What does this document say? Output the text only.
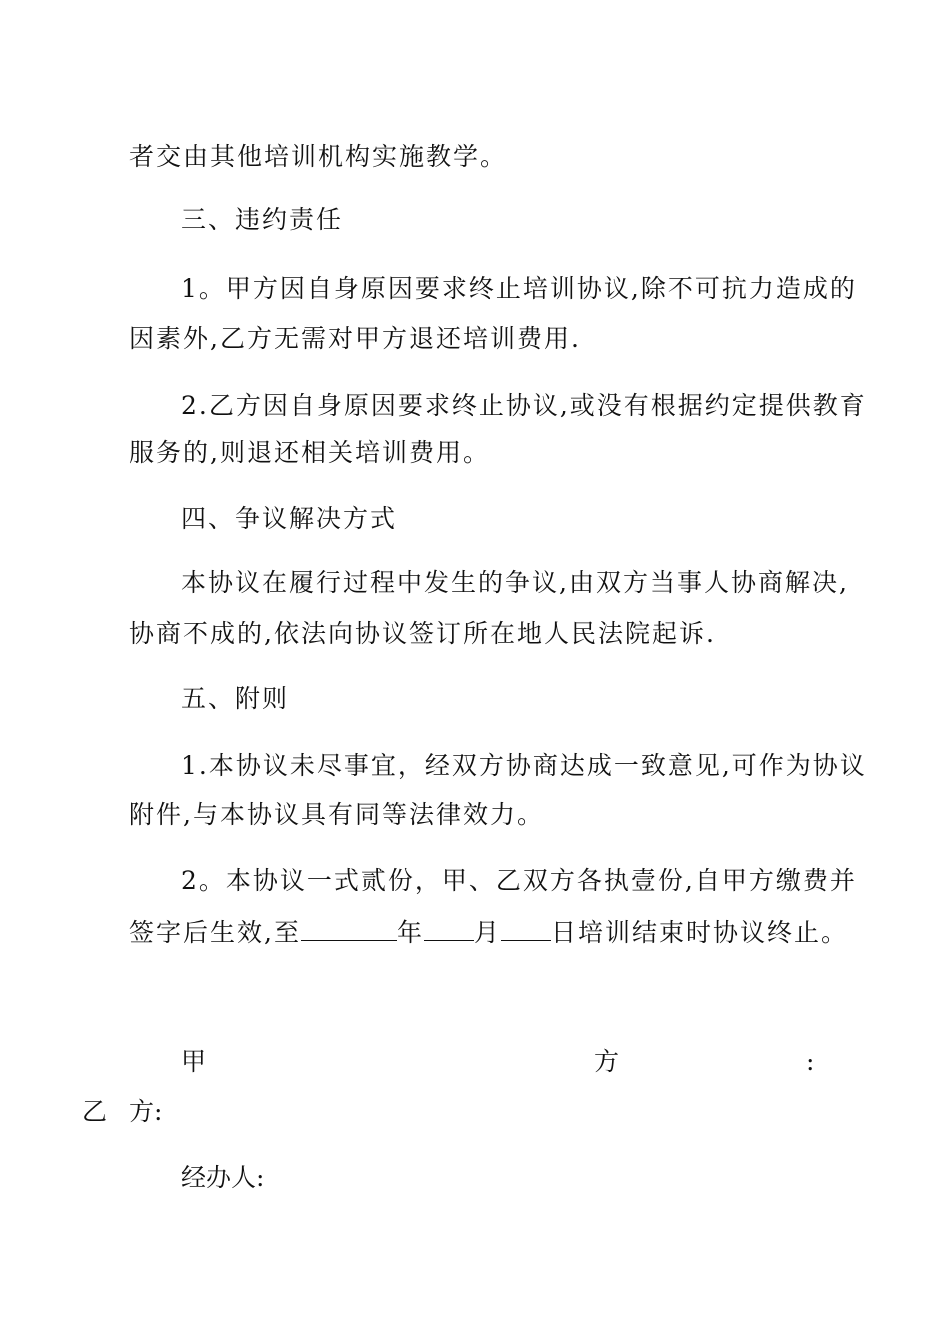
者交由其他培训机构实施教学。
三、违约责任
1。甲方因自身原因要求终止培训协议,除不可抗力造成的
因素外,乙方无需对甲方退还培训费用.
2.乙方因自身原因要求终止协议,或没有根据约定提供教育
服务的,则退还相关培训费用。
四、争议解决方式
本协议在履行过程中发生的争议,由双方当事人协商解决,
协商不成的,依法向协议签订所在地人民法院起诉.
五、附则
1.本协议未尽事宜，经双方协商达成一致意见,可作为协议
附件,与本协议具有同等法律效力。
2。本协议一式贰份，甲、乙双方各执壹份,自甲方缴费并
签字后生效,至	年 月 日培训结束时协议终止。
甲	方	:
乙 方:
经办人:
